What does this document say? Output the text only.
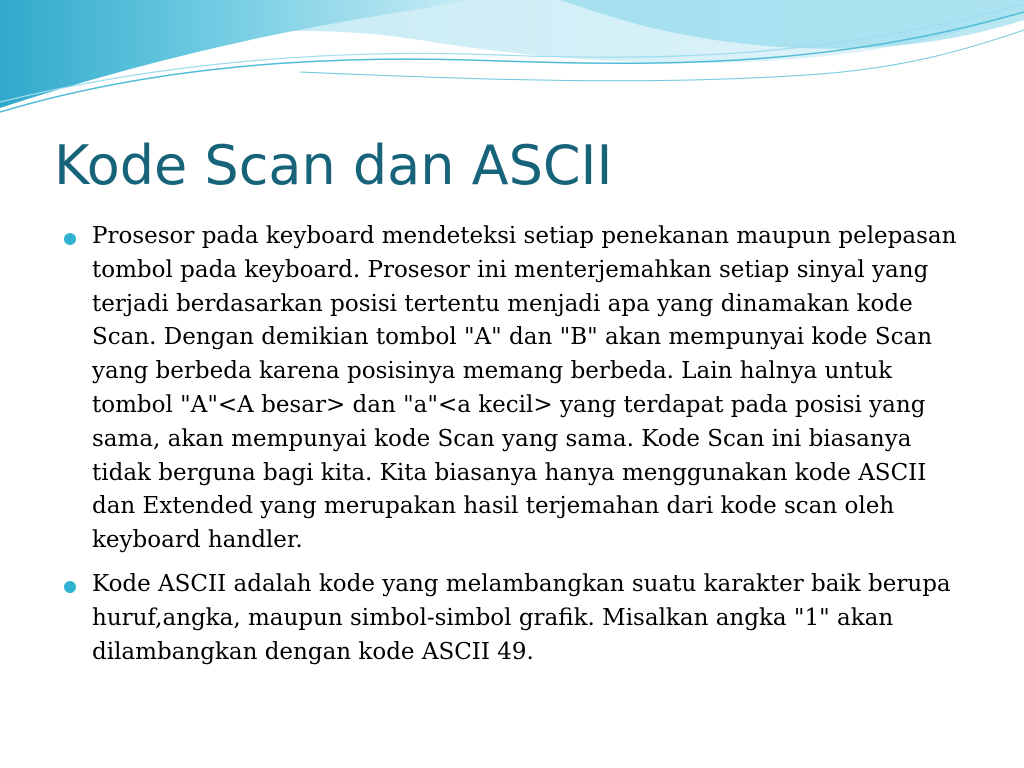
Kode Scan dan ASCII
Prosesor pada keyboard mendeteksi setiap penekanan maupun pelepasan tombol pada keyboard. Prosesor ini menterjemahkan setiap sinyal yang terjadi berdasarkan posisi tertentu menjadi apa yang dinamakan kode Scan. Dengan demikian tombol "A" dan "B" akan mempunyai kode Scan yang berbeda karena posisinya memang berbeda. Lain halnya untuk tombol "A"<A besar> dan "a"<a kecil> yang terdapat pada posisi yang sama, akan mempunyai kode Scan yang sama. Kode Scan ini biasanya tidak berguna bagi kita. Kita biasanya hanya menggunakan kode ASCII dan Extended yang merupakan hasil terjemahan dari kode scan oleh keyboard handler.
Kode ASCII adalah kode yang melambangkan suatu karakter baik berupa huruf,angka, maupun simbol-simbol grafik. Misalkan angka "1" akan dilambangkan dengan kode ASCII 49.
